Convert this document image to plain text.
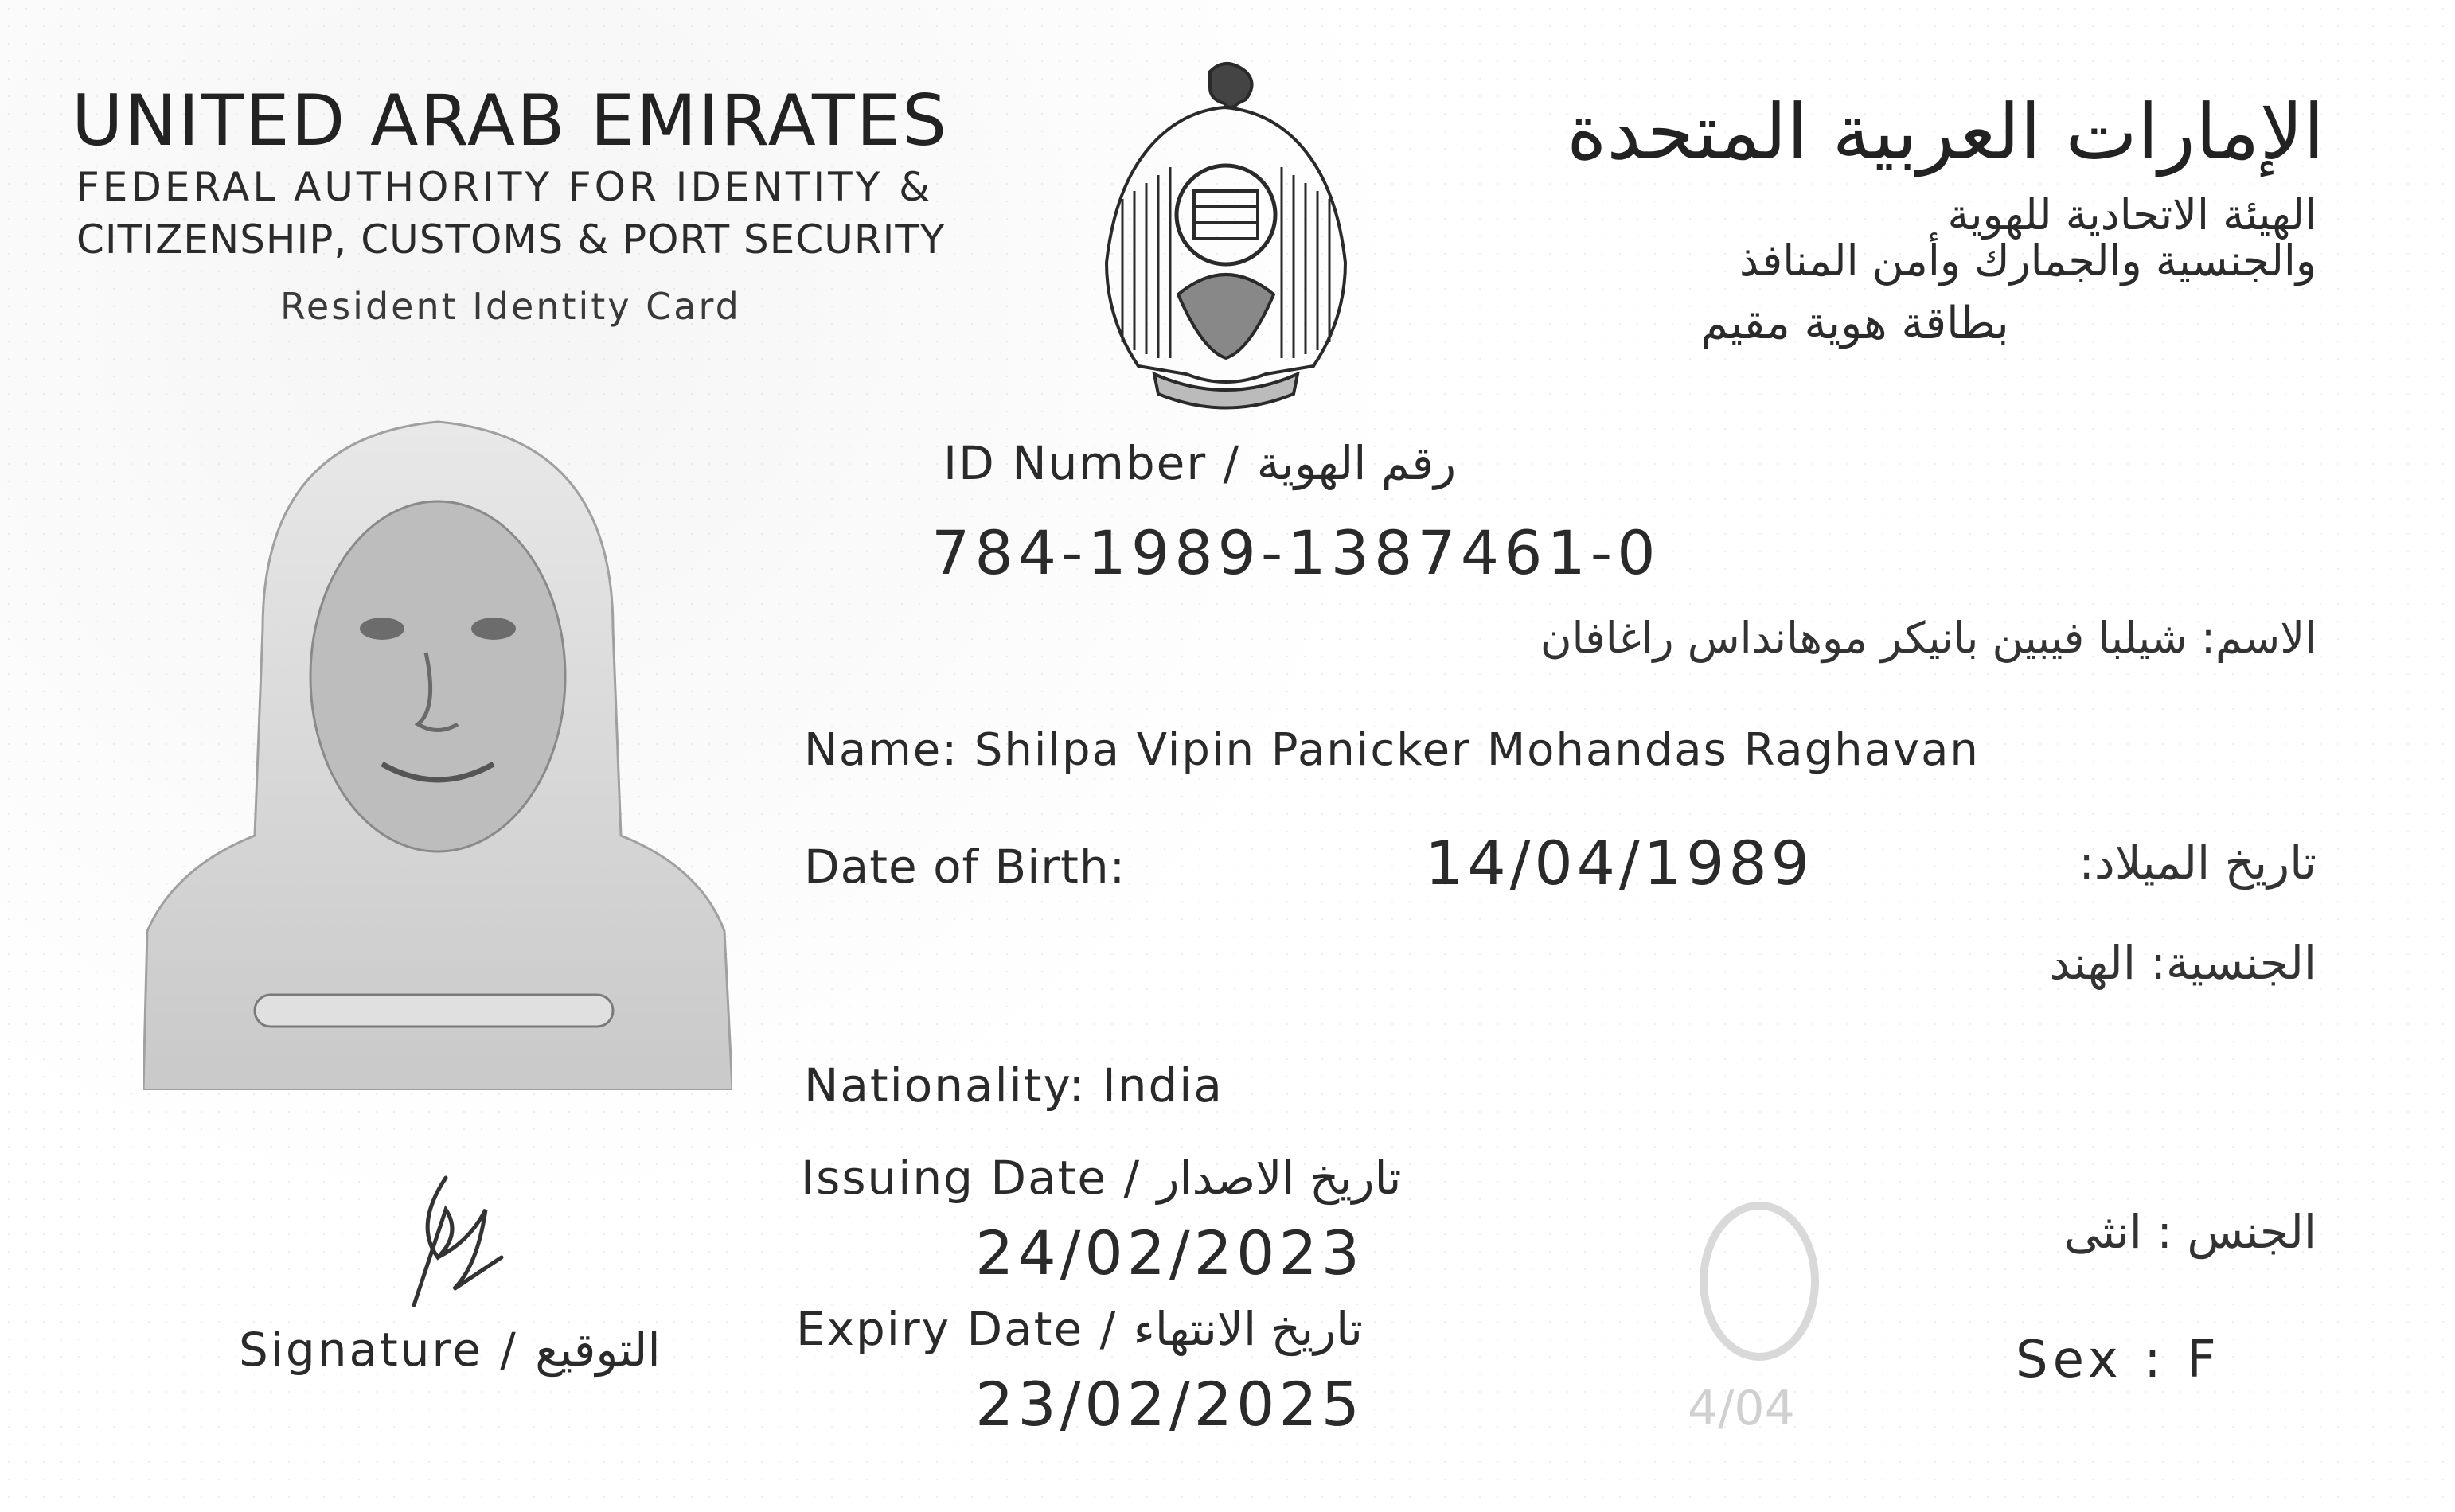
UNITED ARAB EMIRATES
FEDERAL AUTHORITY FOR IDENTITY &
CITIZENSHIP, CUSTOMS & PORT SECURITY
Resident Identity Card
الإمارات العربية المتحدة
الهيئة الاتحادية للهوية
والجنسية والجمارك وأمن المنافذ
بطاقة هوية مقيم
ID Number / رقم الهوية
784-1989-1387461-0
الاسم: شيلبا فيبين بانيكر موهانداس راغافان
Name: Shilpa Vipin Panicker Mohandas Raghavan
Date of Birth:	14/04/1989	تاريخ الميلاد:
الجنسية: الهند
Nationality: India
Issuing Date / تاريخ الاصدار
24/02/2023
Expiry Date / تاريخ الانتهاء
23/02/2025
الجنس : انثى
Sex : F
Signature / التوقيع
4/04
